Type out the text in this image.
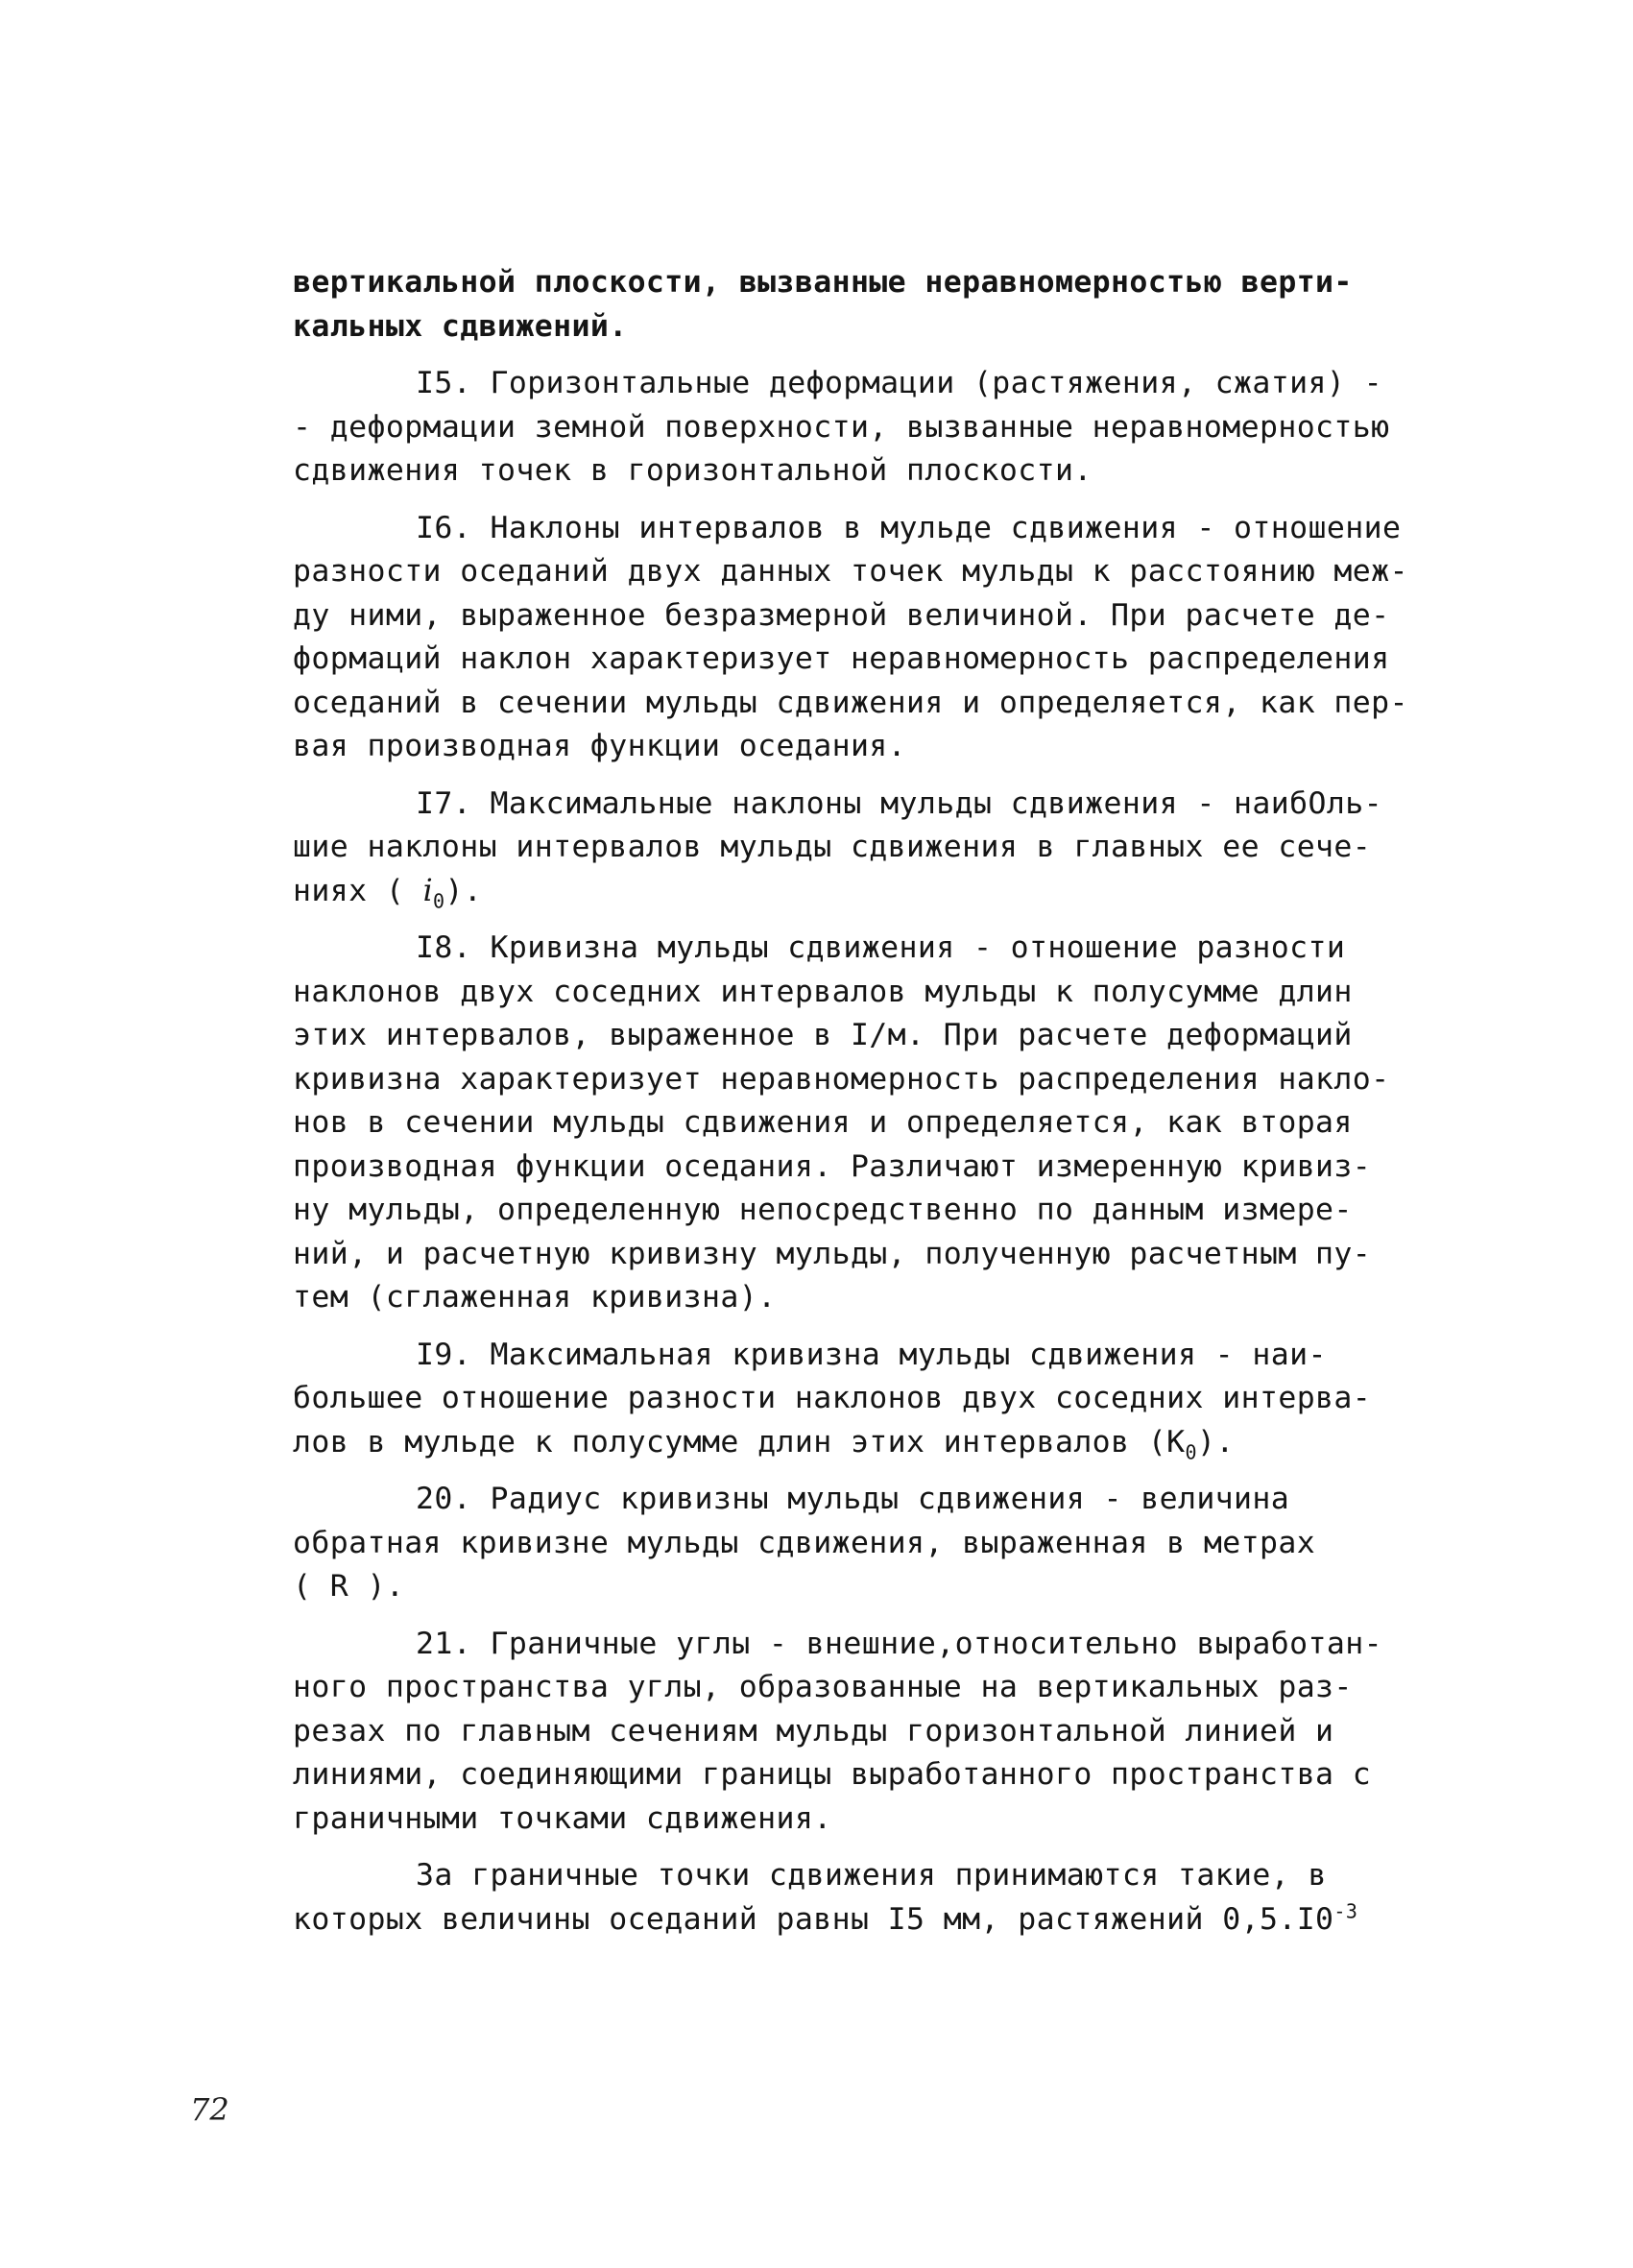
вертикальной плоскости, вызванные неравномерностью верти-
кальных сдвижений.

I5. Горизонтальные деформации (растяжения, сжатия) -
- деформации земной поверхности, вызванные неравномерностью
сдвижения точек в горизонтальной плоскости.

I6. Наклоны интервалов в мульде сдвижения - отношение
разности оседаний двух данных точек мульды к расстоянию меж-
ду ними, выраженное безразмерной величиной. При расчете де-
формаций наклон характеризует неравномерность распределения
оседаний в сечении мульды сдвижения и определяется, как пер-
вая производная функции оседания.

I7. Максимальные наклоны мульды сдвижения - наибОль-
шие наклоны интервалов мульды сдвижения в главных ее сече-
ниях ( $i_0$).

I8. Кривизна мульды сдвижения - отношение разности
наклонов двух соседних интервалов мульды к полусумме длин
этих интервалов, выраженное в I/м. При расчете деформаций
кривизна характеризует неравномерность распределения накло-
нов в сечении мульды сдвижения и определяется, как вторая
производная функции оседания. Различают измеренную кривиз-
ну мульды, определенную непосредственно по данным измере-
ний, и расчетную кривизну мульды, полученную расчетным пу-
тем (сглаженная кривизна).

I9. Максимальная кривизна мульды сдвижения - наи-
большее отношение разности наклонов двух соседних интерва-
лов в мульде к полусумме длин этих интервалов $(K_0)$.

20. Радиус кривизны мульды сдвижения - величина
обратная кривизне мульды сдвижения, выраженная в метрах
( R ).

21. Граничные углы - внешние,относительно выработан-
ного пространства углы, образованные на вертикальных раз-
резах по главным сечениям мульды горизонтальной линией и
линиями, соединяющими границы выработанного пространства с
граничными точками сдвижения.

За граничные точки сдвижения принимаются такие, в
которых величины оседаний равны I5 мм, растяжений $0,5.I0^{-3}$

72
